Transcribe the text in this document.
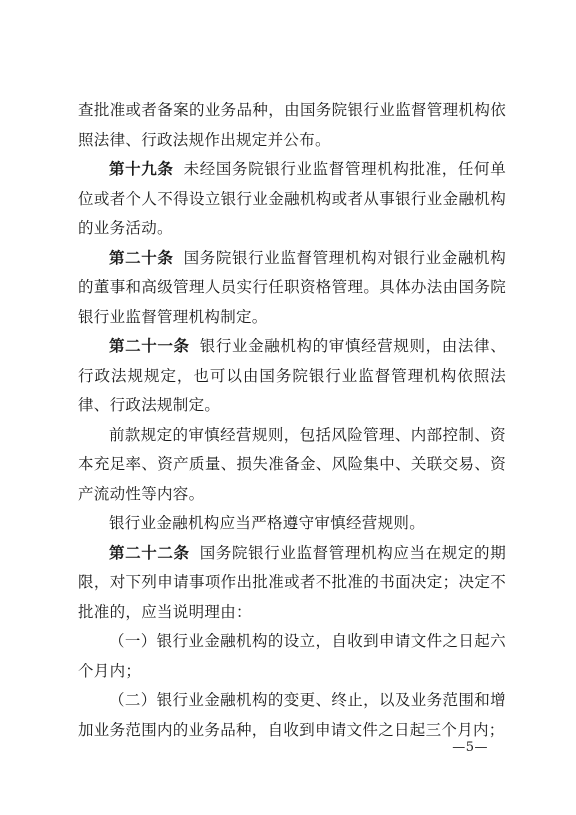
查批准或者备案的业务品种，由国务院银行业监督管理机构依照法律、行政法规作出规定并公布。

第十九条 未经国务院银行业监督管理机构批准，任何单位或者个人不得设立银行业金融机构或者从事银行业金融机构的业务活动。

第二十条 国务院银行业监督管理机构对银行业金融机构的董事和高级管理人员实行任职资格管理。具体办法由国务院银行业监督管理机构制定。

第二十一条 银行业金融机构的审慎经营规则，由法律、行政法规规定，也可以由国务院银行业监督管理机构依照法律、行政法规制定。

前款规定的审慎经营规则，包括风险管理、内部控制、资本充足率、资产质量、损失准备金、风险集中、关联交易、资产流动性等内容。

银行业金融机构应当严格遵守审慎经营规则。

第二十二条 国务院银行业监督管理机构应当在规定的期限，对下列申请事项作出批准或者不批准的书面决定；决定不批准的，应当说明理由：

（一）银行业金融机构的设立，自收到申请文件之日起六个月内；

（二）银行业金融机构的变更、终止，以及业务范围和增加业务范围内的业务品种，自收到申请文件之日起三个月内；

—5—
